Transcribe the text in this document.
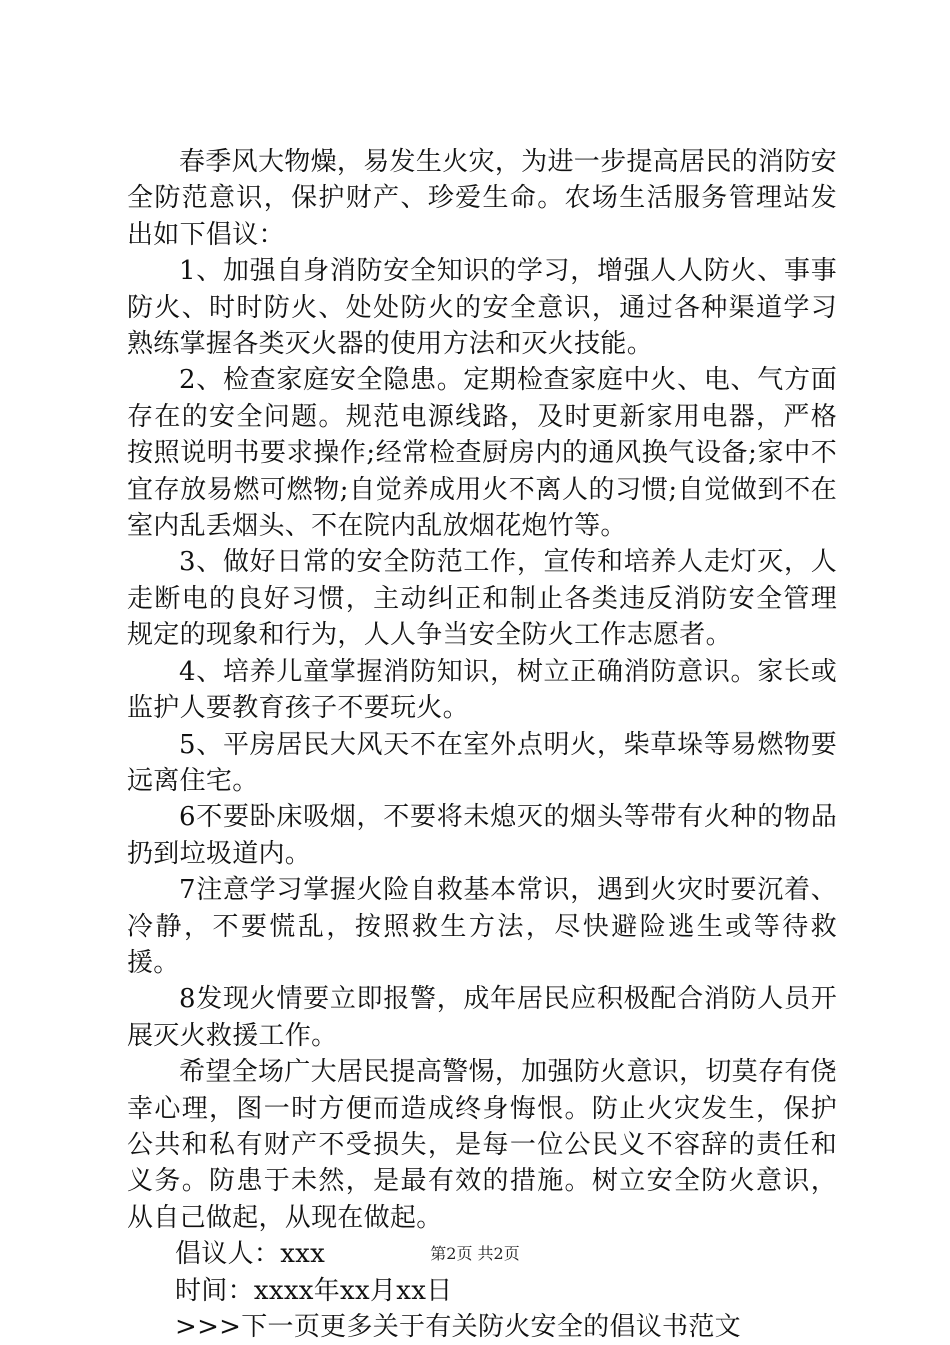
春季风大物燥，易发生火灾，为进一步提高居民的消防安全防范意识，保护财产、珍爱生命。农场生活服务管理站发出如下倡议：

1、加强自身消防安全知识的学习，增强人人防火、事事防火、时时防火、处处防火的安全意识，通过各种渠道学习熟练掌握各类灭火器的使用方法和灭火技能。

2、检查家庭安全隐患。定期检查家庭中火、电、气方面存在的安全问题。规范电源线路，及时更新家用电器，严格按照说明书要求操作;经常检查厨房内的通风换气设备;家中不宜存放易燃可燃物;自觉养成用火不离人的习惯;自觉做到不在室内乱丢烟头、不在院内乱放烟花炮竹等。

3、做好日常的安全防范工作，宣传和培养人走灯灭，人走断电的良好习惯，主动纠正和制止各类违反消防安全管理规定的现象和行为，人人争当安全防火工作志愿者。

4、培养儿童掌握消防知识，树立正确消防意识。家长或监护人要教育孩子不要玩火。

5、平房居民大风天不在室外点明火，柴草垛等易燃物要远离住宅。

6不要卧床吸烟，不要将未熄灭的烟头等带有火种的物品扔到垃圾道内。

7注意学习掌握火险自救基本常识，遇到火灾时要沉着、冷静，不要慌乱，按照救生方法，尽快避险逃生或等待救援。

8发现火情要立即报警，成年居民应积极配合消防人员开展灭火救援工作。

希望全场广大居民提高警惕，加强防火意识，切莫存有侥幸心理，图一时方便而造成终身悔恨。防止火灾发生，保护公共和私有财产不受损失，是每一位公民义不容辞的责任和义务。防患于未然，是最有效的措施。树立安全防火意识，从自己做起，从现在做起。

倡议人：xxx

时间：xxxx年xx月xx日

>>>下一页更多关于有关防火安全的倡议书范文
第2页 共2页
